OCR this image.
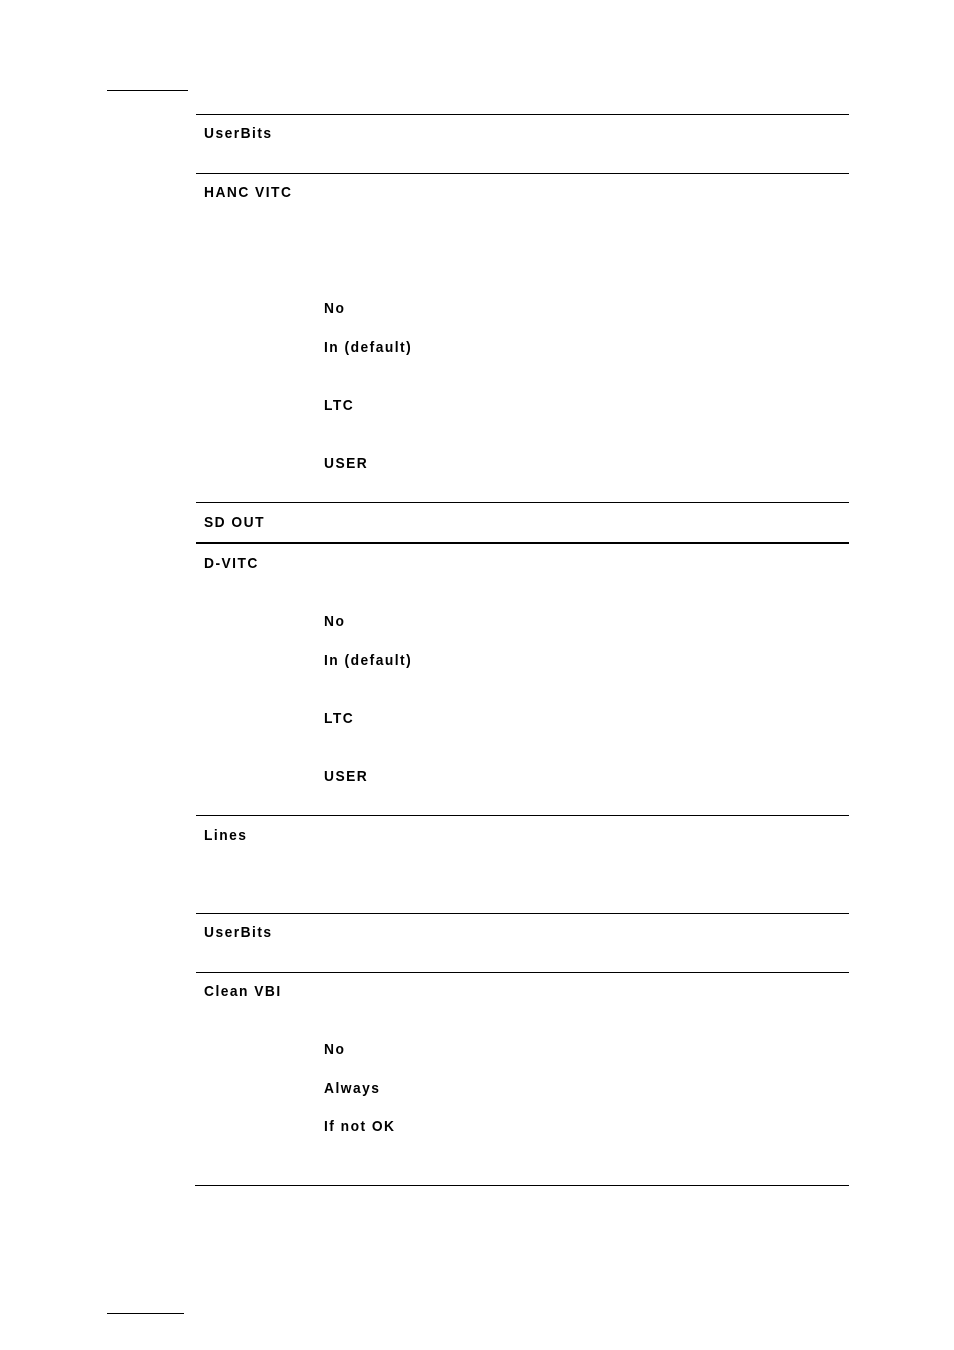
UserBits
HANC VITC
No
In (default)
LTC
USER
SD OUT
D-VITC
No
In (default)
LTC
USER
Lines
UserBits
Clean VBI
No
Always
If not OK
